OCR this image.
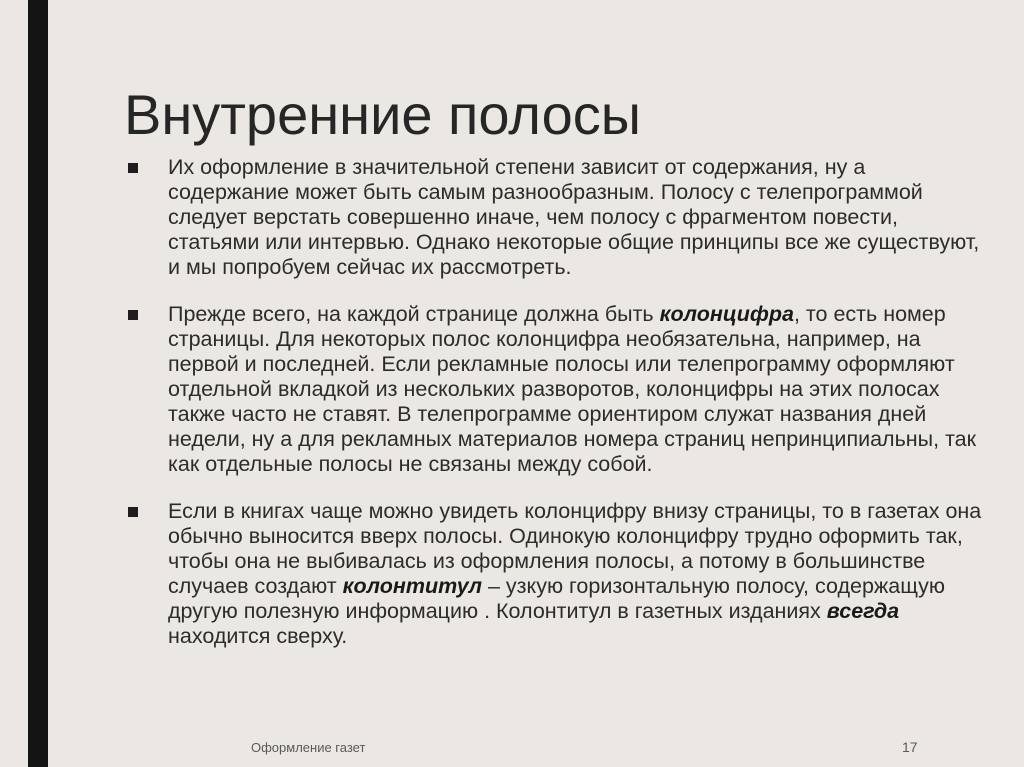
Внутренние полосы
Их оформление в значительной степени зависит от содержания, ну а содержание может быть самым разнообразным. Полосу с телепрограммой следует верстать совершенно иначе, чем полосу с фрагментом повести, статьями или интервью. Однако некоторые общие принципы все же существуют, и мы попробуем сейчас их рассмотреть.
Прежде всего, на каждой странице должна быть колонцифра, то есть номер страницы. Для некоторых полос колонцифра необязательна, например, на первой и последней. Если рекламные полосы или телепрограмму оформляют отдельной вкладкой из нескольких разворотов, колонцифры на этих полосах также часто не ставят. В телепрограмме ориентиром служат названия дней недели, ну а для рекламных материалов номера страниц непринципиальны, так как отдельные полосы не связаны между собой.
Если в книгах чаще можно увидеть колонцифру внизу страницы, то в газетах она обычно выносится вверх полосы. Одинокую колонцифру трудно оформить так, чтобы она не выбивалась из оформления полосы, а потому в большинстве случаев создают колонтитул – узкую горизонтальную полосу, содержащую другую полезную информацию . Колонтитул в газетных изданиях всегда находится сверху.
Оформление газет	17
